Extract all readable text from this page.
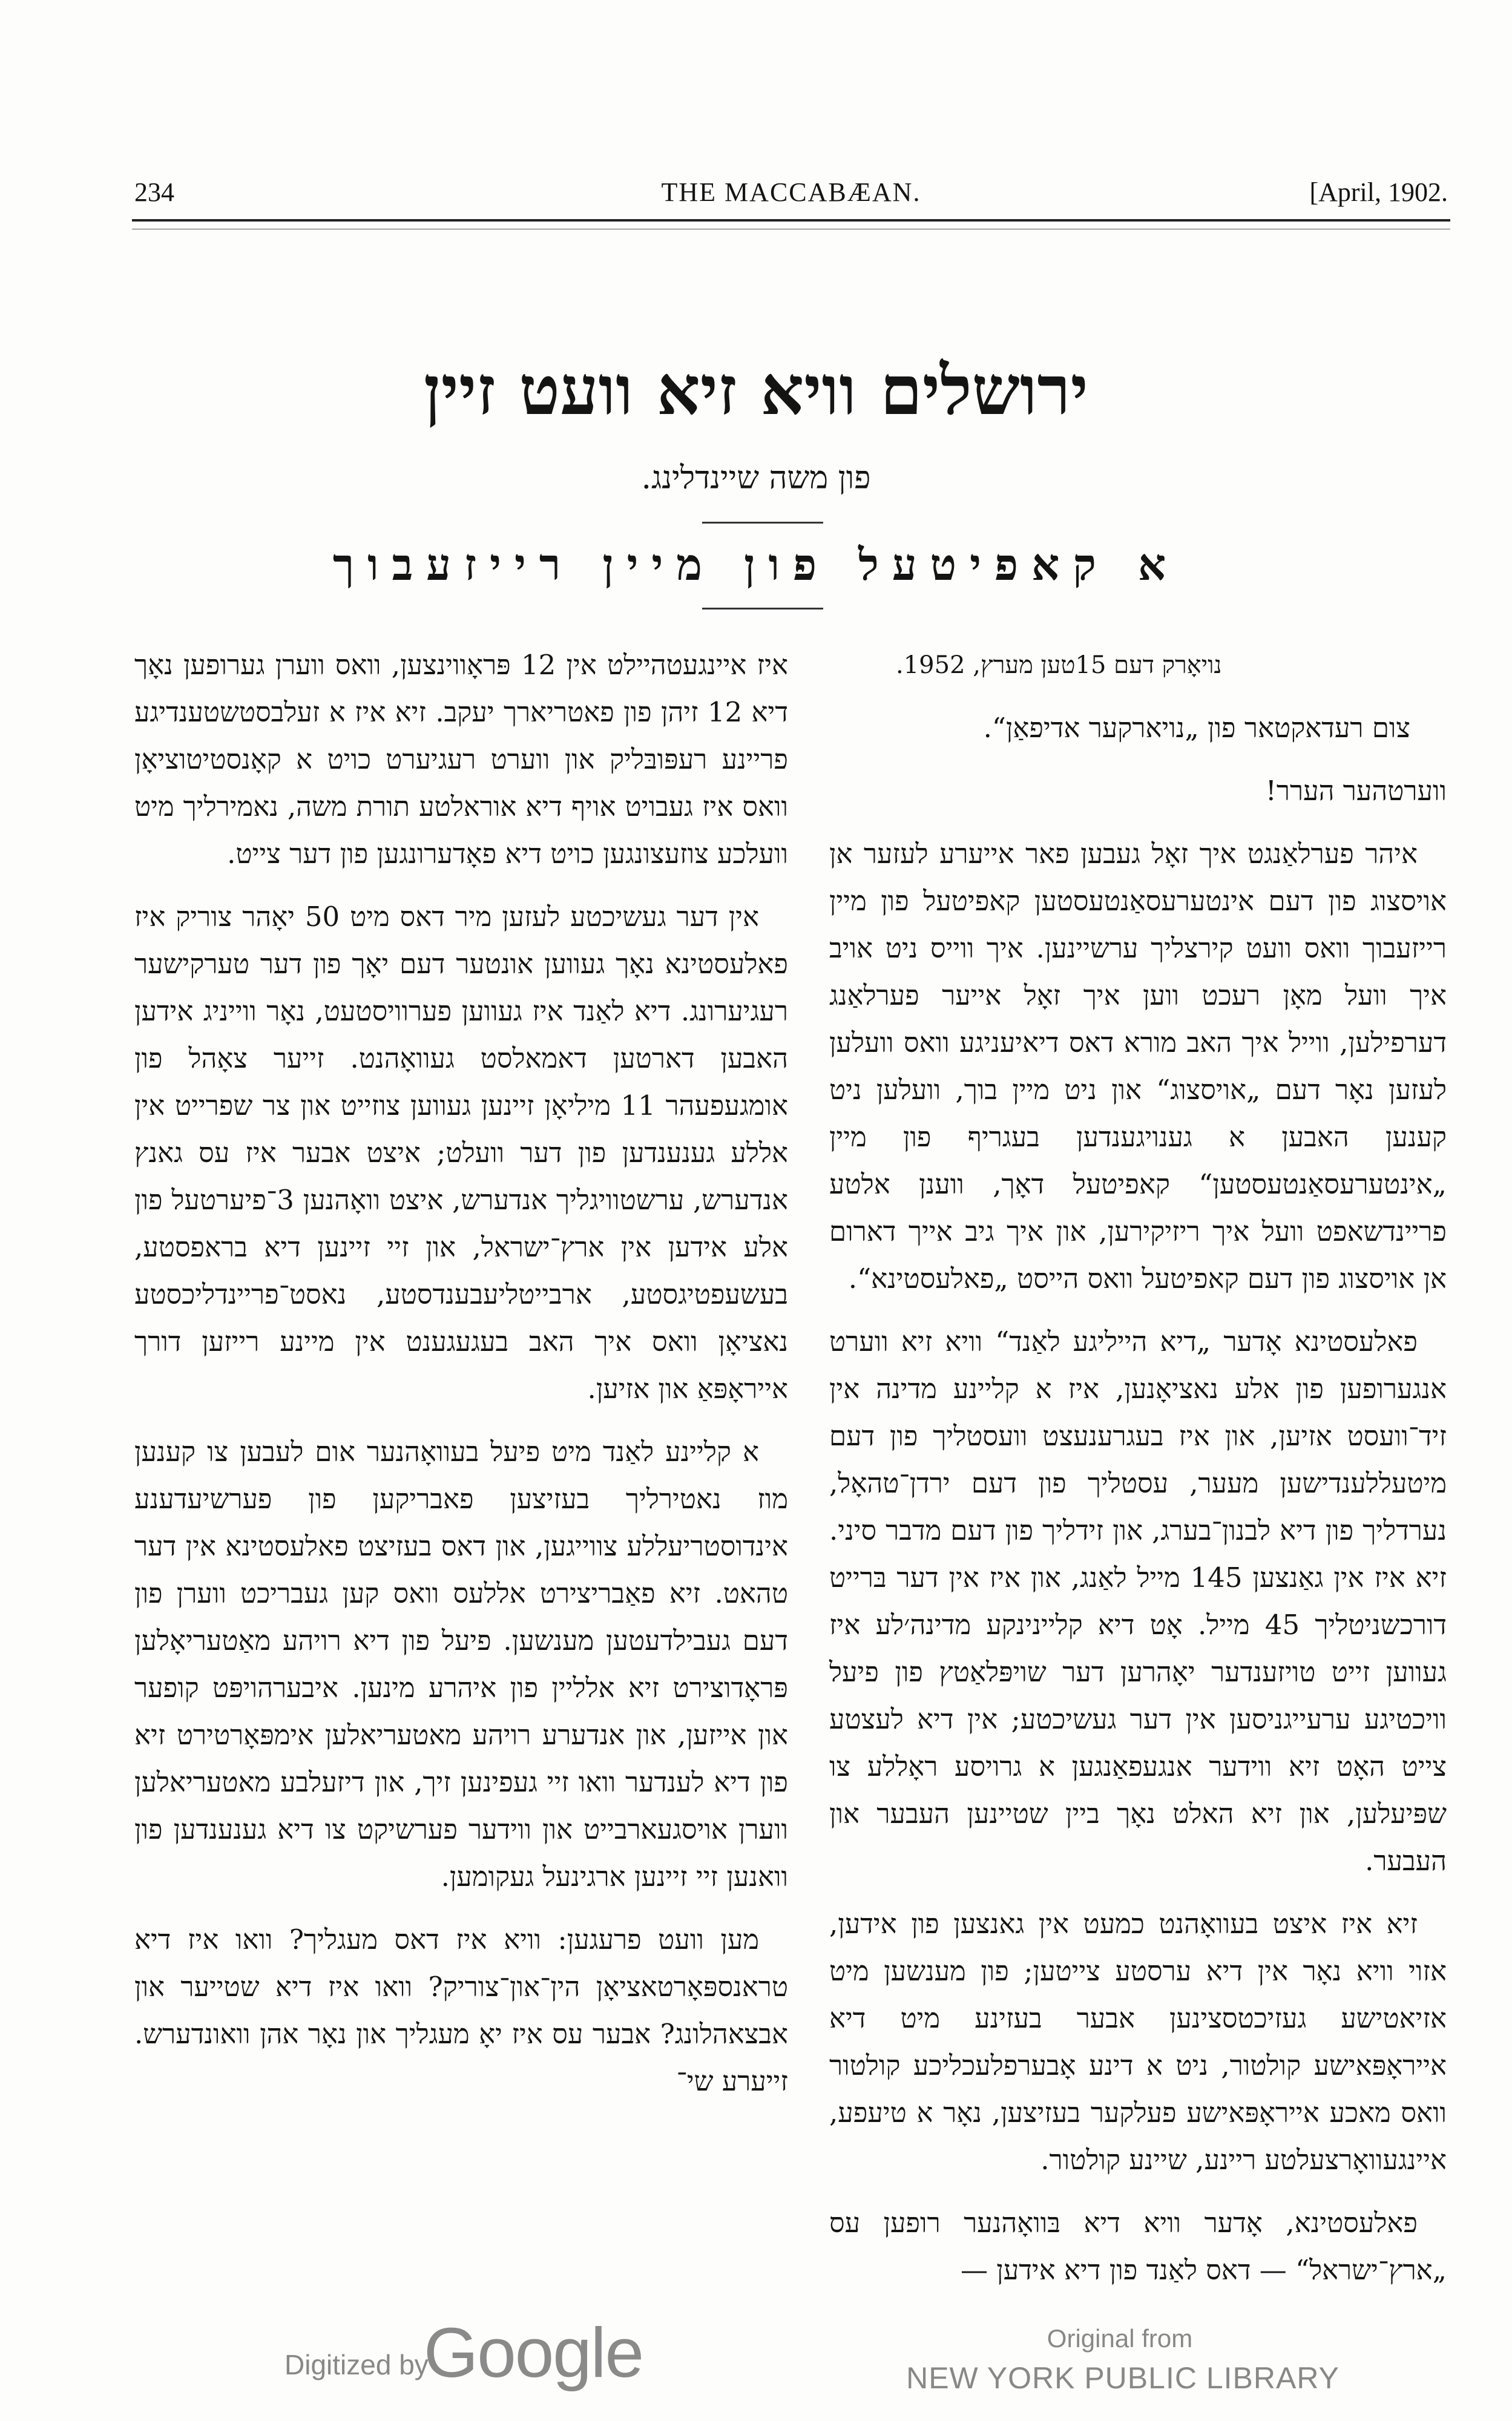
234	THE MACCABÆAN.	[April, 1902.
ירושלים וויא זיא וועט זיין
פון משה שיינדלינג.
א קאפיטעל פון מיין רייזעבוך

נויאָרק דעם 15טען מערץ, 1952.

צום רעדאקטאר פון „נויארקער אדיפאַן“.

ווערטהער הערר!

איהר פערלאַנגט איך זאָל געבען פאר אייערע לעזער אן אויסצוג פון דעם אינטערעסאַנטעסטען קאפיטעל פון מיין רייזעבוך וואס וועט קירצליך ערשיינען. איך ווייס ניט אויב איך וועל מאָן רעכט ווען איך זאָל אייער פערלאַנג דערפילען, ווייל איך האב מורא דאס דיאיעניגע וואס וועלען לעזען נאָר דעם „אויסצוג“ און ניט מיין בוך, וועלען ניט קענען האבען א גענויגענדען בעגריף פון מיין „אינטערעסאַנטעסטען“ קאפיטעל דאָך, ווענן אלטע פריינדשאפט וועל איך ריזיקירען, און איך גיב אייך דארום אן אויסצוג פון דעם קאפיטעל וואס הייסט „פאלעסטינא“.

פאלעסטינא אָדער „דיא הייליגע לאַנד“ וויא זיא ווערט אנגערופען פון אלע נאציאָנען, איז א קליינע מדינה אין זיד־וועסט אזיען, און איז בעגרענעצט וועסטליך פון דעם מיטעללענדישען מעער, עסטליך פון דעם ירדן־טהאָל, נערדליך פון דיא לבנון־בערג, און זידליך פון דעם מדבר סיני. זיא איז אין גאַנצען 145 מייל לאַנג, און איז אין דער בּרייט דורכשניטליך 45 מייל. אָט דיא קליינינקע מדינה׳לע איז געווען זייט טויזענדער יאָהרען דער שויפּלאַטץ פון פיעל וויכטיגע ערעייגניסען אין דער געשיכטע; אין דיא לעצטע צייט האָט זיא ווידער אנגעפאַנגען א גרויסע ראָללע צו שפּיעלען, און זיא האלט נאָך ביין שטיינען העבער און העבער.

זיא איז איצט בעוואָהנט כמעט אין גאנצען פון אידען, אזוי וויא נאָר אין דיא ערסטע צייטען; פון מענשען מיט אזיאטישע געזיכטסצינען אבער בעזינע מיט דיא אייראָפּאישע קולטור, ניט א דינע אָבערפלעכליכע קולטור וואס מאכע אייראָפּאישע פעלקער בעזיצען, נאָר א טיעפע, איינגעוואָרצעלטע ריינע, שיינע קולטור.

פאלעסטינא, אָדער וויא דיא בּוואָהנער רופען עס „ארץ־ישראל“ — דאס לאַנד פון דיא אידען —

איז איינגעטהיילט אין 12 פּראָווינצען, וואס ווערן גערופען נאָך דיא 12 זיהן פון פאטריארך יעקב. זיא איז א זעלבסטשטענדיגע פריינע רעפּובּליק און ווערט רעגיערט כויט א קאָנסטיטוציאָן וואס איז געבויט אויף דיא אוראלטע תורת משה, נאמירליך מיט וועלכע צוזעצונגען כויט דיא פאָדערונגען פון דער צייט.

אין דער געשיכטע לעזען מיר דאס מיט 50 יאָהר צוריק איז פאלעסטינא נאָך געווען אונטער דעם יאָך פון דער טערקישער רעגיערונג. דיא לאַנד איז געווען פערוויסטעט, נאָר ווייניג אידען האבען דארטען דאמאלסט געוואָהנט. זייער צאָהל פון אומגעפעהר 11 מיליאָן זיינען געווען צוזייט און צר שפרייט אין אללע גענענדען פון דער וועלט; איצט אבער איז עס גאנץ אנדערש, ערשטוויגליך אנדערש, איצט וואָהנען 3־פיערטעל פון אלע אידען אין ארץ־ישראל, און זיי זיינען דיא בראפסטע, בעשעפטיגסטע, ארבייטליעבענדסטע, נאסט־פריינדליכסטע נאציאָן וואס איך האב בעגעגענט אין מיינע רייזען דורך אייראָפּאַ און אזיען.

א קליינע לאַנד מיט פיעל בעוואָהנער אום לעבען צו קענען מוז נאטירליך בעזיצען פאבריקען פון פערשיעדענע אינדוסטריעללע צווייגען, און דאס בעזיצט פאלעסטינא אין דער טהאט. זיא פאַבריצירט אללעס וואס קען געבריכט ווערן פון דעם געבילדעטען מענשען. פיעל פון דיא רויהע מאַטעריאָלען פּראָדוצירט זיא אלליין פון איהרע מינען. איבערהויפּט קופער און אייזען, און אנדערע רויהע מאטעריאלען אימפּאָרטירט זיא פון דיא לענדער וואו זיי געפינען זיך, און דיזעלבע מאטעריאלען ווערן אויסגעארבייט און ווידער פערשיקט צו דיא גענענדען פון וואנען זיי זיינען ארגינעל געקומען.

מען וועט פרעגען: וויא איז דאס מעגליך? וואו איז דיא טראנספּאָרטאציאָן הין־און־צוריק? וואו איז דיא שטייער און אבצאהלונג? אבער עס איז יאָ מעגליך און נאָר אהן וואונדערש. זייערע שי־

Digitized by
Google	Original from
NEW YORK PUBLIC LIBRARY
